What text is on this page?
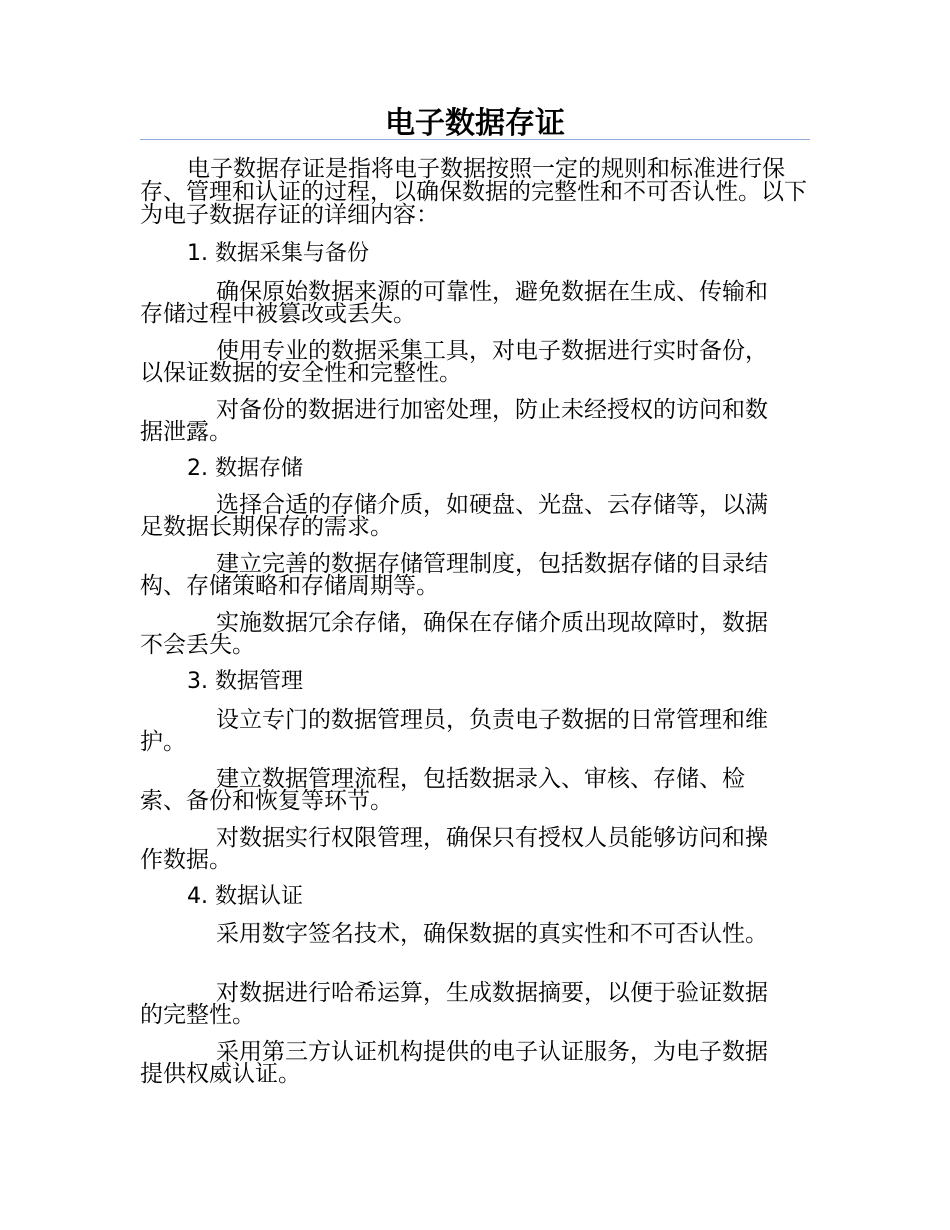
电子数据存证

电子数据存证是指将电子数据按照一定的规则和标准进行保存、管理和认证的过程，以确保数据的完整性和不可否认性。以下为电子数据存证的详细内容：

1. 数据采集与备份

确保原始数据来源的可靠性，避免数据在生成、传输和存储过程中被篡改或丢失。

使用专业的数据采集工具，对电子数据进行实时备份，以保证数据的安全性和完整性。

对备份的数据进行加密处理，防止未经授权的访问和数据泄露。

2. 数据存储

选择合适的存储介质，如硬盘、光盘、云存储等，以满足数据长期保存的需求。

建立完善的数据存储管理制度，包括数据存储的目录结构、存储策略和存储周期等。

实施数据冗余存储，确保在存储介质出现故障时，数据不会丢失。

3. 数据管理

设立专门的数据管理员，负责电子数据的日常管理和维护。

建立数据管理流程，包括数据录入、审核、存储、检索、备份和恢复等环节。

对数据实行权限管理，确保只有授权人员能够访问和操作数据。

4. 数据认证

采用数字签名技术，确保数据的真实性和不可否认性。

对数据进行哈希运算，生成数据摘要，以便于验证数据的完整性。

采用第三方认证机构提供的电子认证服务，为电子数据提供权威认证。
